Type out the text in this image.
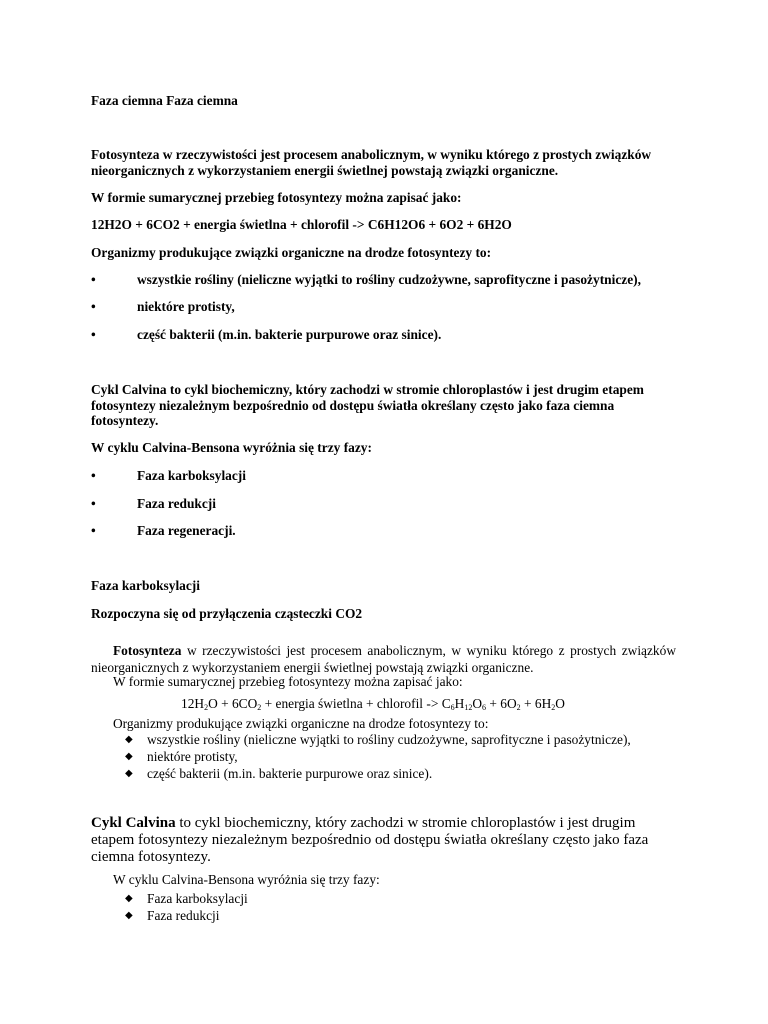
Faza ciemna Faza ciemna
Fotosynteza w rzeczywistości jest procesem anabolicznym, w wyniku którego z prostych związków nieorganicznych z wykorzystaniem energii świetlnej powstają związki organiczne.
W formie sumarycznej przebieg fotosyntezy można zapisać jako:
12H2O + 6CO2 + energia świetlna + chlorofil -> C6H12O6 + 6O2 + 6H2O
Organizmy produkujące związki organiczne na drodze fotosyntezy to:
•	wszystkie rośliny (nieliczne wyjątki to rośliny cudzożywne, saprofityczne i pasożytnicze),
•	niektóre protisty,
•	część bakterii (m.in. bakterie purpurowe oraz sinice).
Cykl Calvina to cykl biochemiczny, który zachodzi w stromie chloroplastów i jest drugim etapem fotosyntezy niezależnym bezpośrednio od dostępu światła określany często jako faza ciemna fotosyntezy.
W cyklu Calvina-Bensona wyróżnia się trzy fazy:
•	Faza karboksylacji
•	Faza redukcji
•	Faza regeneracji.
Faza karboksylacji
Rozpoczyna się od przyłączenia cząsteczki CO2
Fotosynteza w rzeczywistości jest procesem anabolicznym, w wyniku którego z prostych związków nieorganicznych z wykorzystaniem energii świetlnej powstają związki organiczne.
W formie sumarycznej przebieg fotosyntezy można zapisać jako:
$12H_2O + 6CO_2$ + energia świetlna + chlorofil -> $C_6H_{12}O_6 + 6O_2 + 6H_2O$
Organizmy produkujące związki organiczne na drodze fotosyntezy to:
◆ wszystkie rośliny (nieliczne wyjątki to rośliny cudzożywne, saprofityczne i pasożytnicze),
◆ niektóre protisty,
◆ część bakterii (m.in. bakterie purpurowe oraz sinice).
Cykl Calvina to cykl biochemiczny, który zachodzi w stromie chloroplastów i jest drugim etapem fotosyntezy niezależnym bezpośrednio od dostępu światła określany często jako faza ciemna fotosyntezy.
W cyklu Calvina-Bensona wyróżnia się trzy fazy:
◆ Faza karboksylacji
◆ Faza redukcji
